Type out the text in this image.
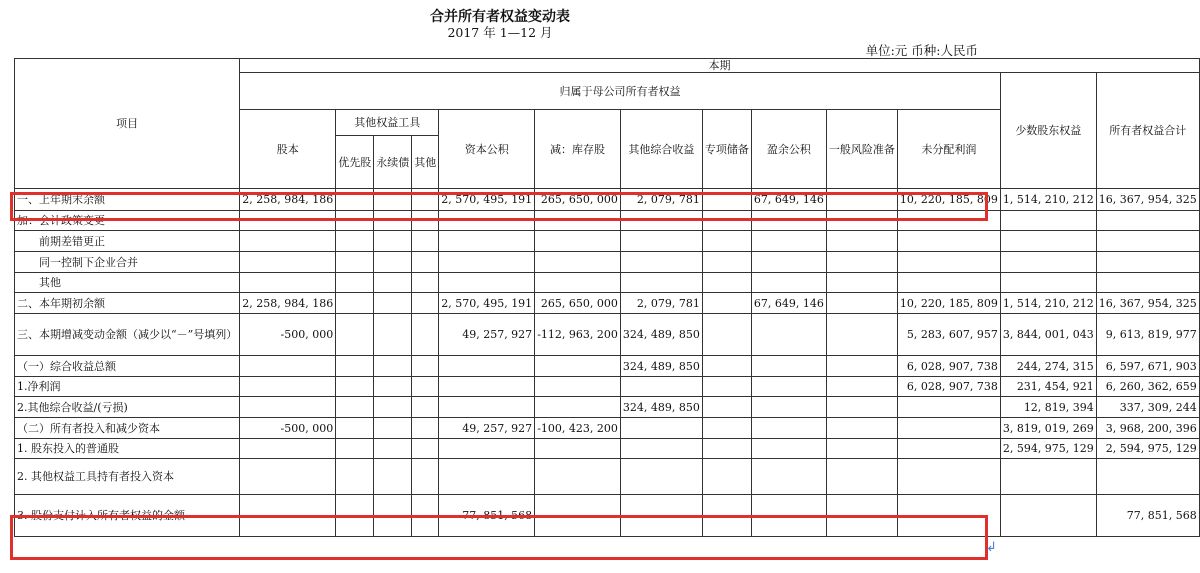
合并所有者权益变动表
2017 年 1—12 月
单位:元 币种:人民币
项目	本期												
	归属于母公司所有者权益											少数股东权益	所有者权益合计
	股本	其他权益工具			资本公积	减：库存股	其他综合收益	专项储备	盈余公积	一般风险准备	未分配利润		
		优先股	永续债	其他									
一、上年期末余额	2, 258, 984, 186				2, 570, 495, 191	265, 650, 000	2, 079, 781		67, 649, 146		10, 220, 185, 809	1, 514, 210, 212	16, 367, 954, 325
加：会计政策变更													
前期差错更正													
同一控制下企业合并													
其他													
二、本年期初余额	2, 258, 984, 186				2, 570, 495, 191	265, 650, 000	2, 079, 781		67, 649, 146		10, 220, 185, 809	1, 514, 210, 212	16, 367, 954, 325
三、本期增减变动金额（减少以“－”号填列）	-500, 000				49, 257, 927	-112, 963, 200	324, 489, 850				5, 283, 607, 957	3, 844, 001, 043	9, 613, 819, 977
（一）综合收益总额							324, 489, 850				6, 028, 907, 738	244, 274, 315	6, 597, 671, 903
1.净利润											6, 028, 907, 738	231, 454, 921	6, 260, 362, 659
2.其他综合收益/(亏损)							324, 489, 850					12, 819, 394	337, 309, 244
（二）所有者投入和减少资本	-500, 000				49, 257, 927	-100, 423, 200						3, 819, 019, 269	3, 968, 200, 396
1. 股东投入的普通股												2, 594, 975, 129	2, 594, 975, 129
2. 其他权益工具持有者投入资本													
3. 股份支付计入所有者权益的金额					77, 851, 568								77, 851, 568
↲
